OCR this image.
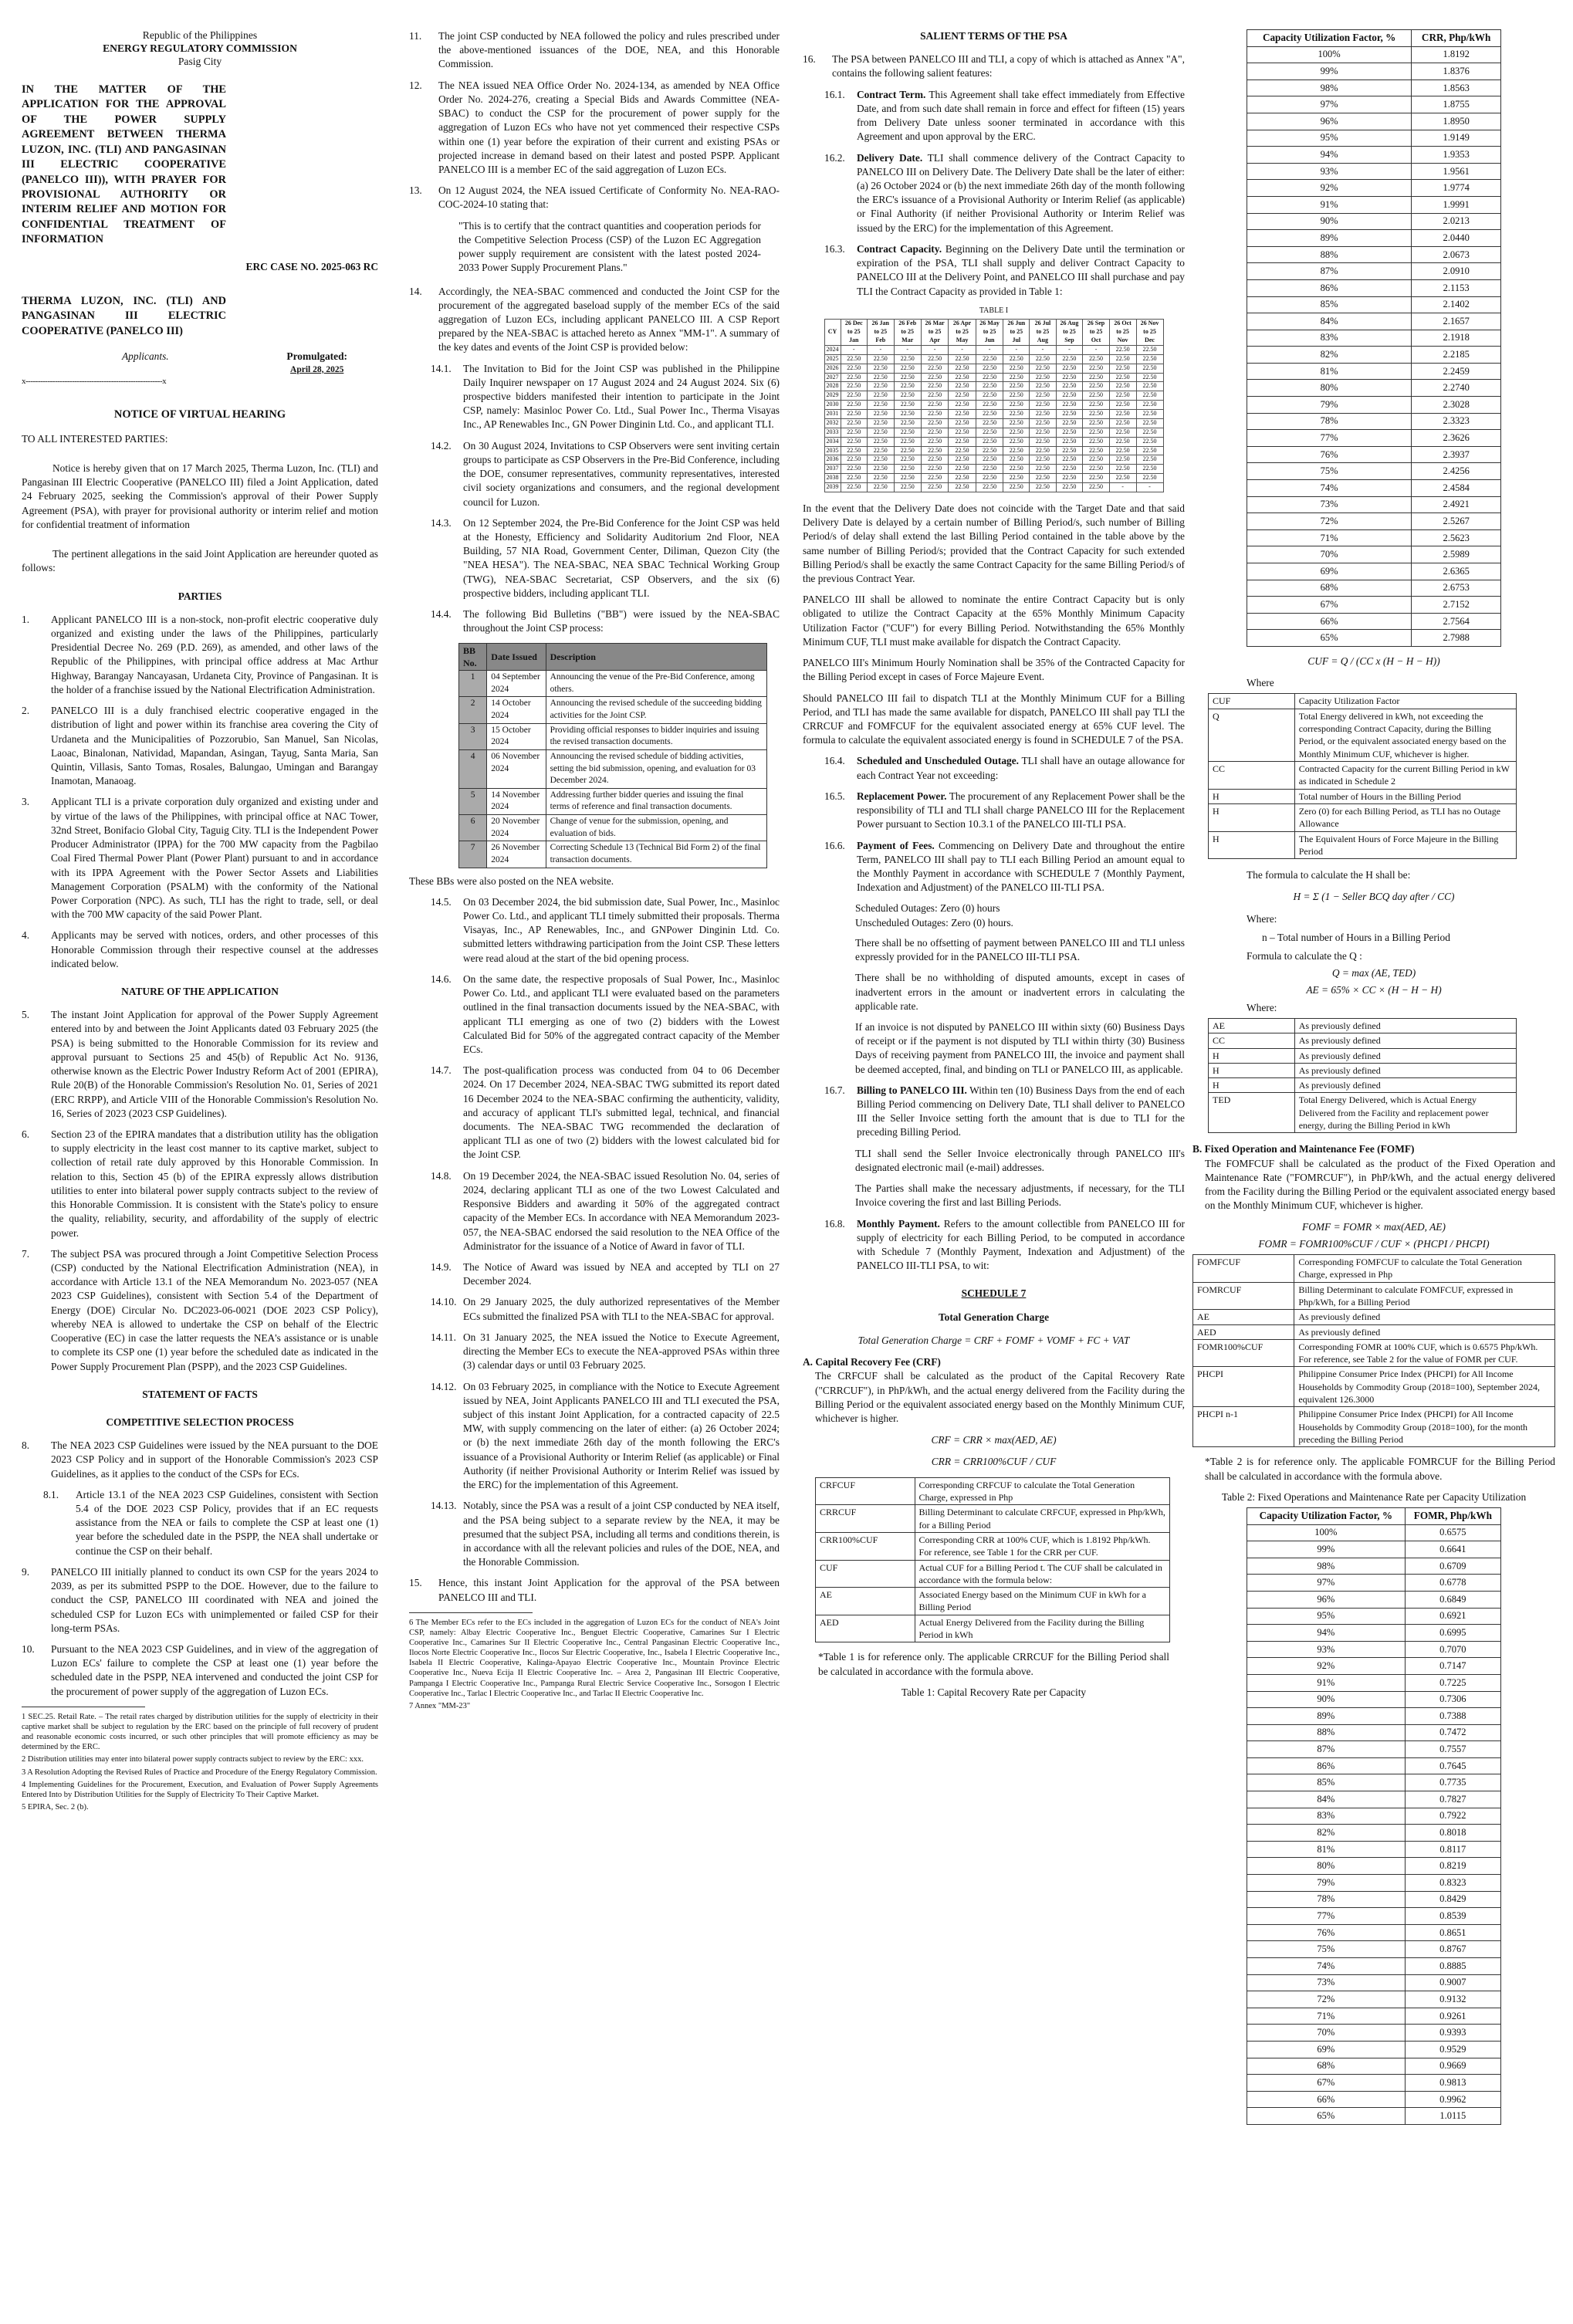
Republic of the Philippines
ENERGY REGULATORY COMMISSION
Pasig City
IN THE MATTER OF THE APPLICATION FOR THE APPROVAL OF THE POWER SUPPLY AGREEMENT BETWEEN THERMA LUZON, INC. (TLI) AND PANGASINAN III ELECTRIC COOPERATIVE (PANELCO III)), WITH PRAYER FOR PROVISIONAL AUTHORITY OR INTERIM RELIEF AND MOTION FOR CONFIDENTIAL TREATMENT OF INFORMATION
ERC CASE NO. 2025-063 RC
THERMA LUZON, INC. (TLI) AND PANGASINAN III ELECTRIC COOPERATIVE (PANELCO III)
Applicants.	Promulgated:
April 28, 2025
x--------------------------------------------------------x
NOTICE OF VIRTUAL HEARING

TO ALL INTERESTED PARTIES:

Notice is hereby given that on 17 March 2025, Therma Luzon, Inc. (TLI) and Pangasinan III Electric Cooperative (PANELCO III) filed a Joint Application, dated 24 February 2025, seeking the Commission's approval of their Power Supply Agreement (PSA), with prayer for provisional authority or interim relief and motion for confidential treatment of information

The pertinent allegations in the said Joint Application are hereunder quoted as follows:

PARTIES
1.	Applicant PANELCO III is a non-stock, non-profit electric cooperative duly organized and existing under the laws of the Philippines, particularly Presidential Decree No. 269 (P.D. 269), as amended, and other laws of the Republic of the Philippines, with principal office address at Mac Arthur Highway, Barangay Nancayasan, Urdaneta City, Province of Pangasinan. It is the holder of a franchise issued by the National Electrification Administration.
2.	PANELCO III is a duly franchised electric cooperative engaged in the distribution of light and power within its franchise area covering the City of Urdaneta and the Municipalities of Pozzorubio, San Manuel, San Nicolas, Laoac, Binalonan, Natividad, Mapandan, Asingan, Tayug, Santa Maria, San Quintin, Villasis, Santo Tomas, Rosales, Balungao, Umingan and Barangay Inamotan, Manaoag.
3.	Applicant TLI is a private corporation duly organized and existing under and by virtue of the laws of the Philippines, with principal office at NAC Tower, 32nd Street, Bonifacio Global City, Taguig City. TLI is the Independent Power Producer Administrator (IPPA) for the 700 MW capacity from the Pagbilao Coal Fired Thermal Power Plant (Power Plant) pursuant to and in accordance with its IPPA Agreement with the Power Sector Assets and Liabilities Management Corporation (PSALM) with the conformity of the National Power Corporation (NPC). As such, TLI has the right to trade, sell, or deal with the 700 MW capacity of the said Power Plant.
4.	Applicants may be served with notices, orders, and other processes of this Honorable Commission through their respective counsel at the addresses indicated below.
NATURE OF THE APPLICATION
5.	The instant Joint Application for approval of the Power Supply Agreement entered into by and between the Joint Applicants dated 03 February 2025 (the PSA) is being submitted to the Honorable Commission for its review and approval pursuant to Sections 25 and 45(b) of Republic Act No. 9136, otherwise known as the Electric Power Industry Reform Act of 2001 (EPIRA), Rule 20(B) of the Honorable Commission's Resolution No. 01, Series of 2021 (ERC RRPP), and Article VIII of the Honorable Commission's Resolution No. 16, Series of 2023 (2023 CSP Guidelines).
6.	Section 23 of the EPIRA mandates that a distribution utility has the obligation to supply electricity in the least cost manner to its captive market, subject to collection of retail rate duly approved by this Honorable Commission. In relation to this, Section 45 (b) of the EPIRA expressly allows distribution utilities to enter into bilateral power supply contracts subject to the review of this Honorable Commission. It is consistent with the State's policy to ensure the quality, reliability, security, and affordability of the supply of electric power.
7.	The subject PSA was procured through a Joint Competitive Selection Process (CSP) conducted by the National Electrification Administration (NEA), in accordance with Article 13.1 of the NEA Memorandum No. 2023-057 (NEA 2023 CSP Guidelines), consistent with Section 5.4 of the Department of Energy (DOE) Circular No. DC2023-06-0021 (DOE 2023 CSP Policy), whereby NEA is allowed to undertake the CSP on behalf of the Electric Cooperative (EC) in case the latter requests the NEA's assistance or is unable to complete its CSP one (1) year before the scheduled date as indicated in the Power Supply Procurement Plan (PSPP), and the 2023 CSP Guidelines.
STATEMENT OF FACTS
COMPETITIVE SELECTION PROCESS
8.	The NEA 2023 CSP Guidelines were issued by the NEA pursuant to the DOE 2023 CSP Policy and in support of the Honorable Commission's 2023 CSP Guidelines, as it applies to the conduct of the CSPs for ECs.
8.1.	Article 13.1 of the NEA 2023 CSP Guidelines, consistent with Section 5.4 of the DOE 2023 CSP Policy, provides that if an EC requests assistance from the NEA or fails to complete the CSP at least one (1) year before the scheduled date in the PSPP, the NEA shall undertake or continue the CSP on their behalf.
9.	PANELCO III initially planned to conduct its own CSP for the years 2024 to 2039, as per its submitted PSPP to the DOE. However, due to the failure to conduct the CSP, PANELCO III coordinated with NEA and joined the scheduled CSP for Luzon ECs with unimplemented or failed CSP for their long-term PSAs.
10.	Pursuant to the NEA 2023 CSP Guidelines, and in view of the aggregation of Luzon ECs' failure to complete the CSP at least one (1) year before the scheduled date in the PSPP, NEA intervened and conducted the joint CSP for the procurement of power supply of the aggregation of Luzon ECs.

1 SEC.25. Retail Rate. – The retail rates charged by distribution utilities for the supply of electricity in their captive market shall be subject to regulation by the ERC based on the principle of full recovery of prudent and reasonable economic costs incurred, or such other principles that will promote efficiency as may be determined by the ERC.

2 Distribution utilities may enter into bilateral power supply contracts subject to review by the ERC: xxx.

3 A Resolution Adopting the Revised Rules of Practice and Procedure of the Energy Regulatory Commission.

4 Implementing Guidelines for the Procurement, Execution, and Evaluation of Power Supply Agreements Entered Into by Distribution Utilities for the Supply of Electricity To Their Captive Market.

5 EPIRA, Sec. 2 (b).

11.	The joint CSP conducted by NEA followed the policy and rules prescribed under the above-mentioned issuances of the DOE, NEA, and this Honorable Commission.
12.	The NEA issued NEA Office Order No. 2024-134, as amended by NEA Office Order No. 2024-276, creating a Special Bids and Awards Committee (NEA-SBAC) to conduct the CSP for the procurement of power supply for the aggregation of Luzon ECs who have not yet commenced their respective CSPs within one (1) year before the expiration of their current and existing PSAs or projected increase in demand based on their latest and posted PSPP. Applicant PANELCO III is a member EC of the said aggregation of Luzon ECs.
13.	On 12 August 2024, the NEA issued Certificate of Conformity No. NEA-RAO-COC-2024-10 stating that:

"This is to certify that the contract quantities and cooperation periods for the Competitive Selection Process (CSP) of the Luzon EC Aggregation power supply requirement are consistent with the latest posted 2024-2033 Power Supply Procurement Plans."

14.	Accordingly, the NEA-SBAC commenced and conducted the Joint CSP for the procurement of the aggregated baseload supply of the member ECs of the said aggregation of Luzon ECs, including applicant PANELCO III. A CSP Report prepared by the NEA-SBAC is attached hereto as Annex "MM-1". A summary of the key dates and events of the Joint CSP is provided below:
14.1.	The Invitation to Bid for the Joint CSP was published in the Philippine Daily Inquirer newspaper on 17 August 2024 and 24 August 2024. Six (6) prospective bidders manifested their intention to participate in the Joint CSP, namely: Masinloc Power Co. Ltd., Sual Power Inc., Therma Visayas Inc., AP Renewables Inc., GN Power Dinginin Ltd. Co., and applicant TLI.
14.2.	On 30 August 2024, Invitations to CSP Observers were sent inviting certain groups to participate as CSP Observers in the Pre-Bid Conference, including the DOE, consumer representatives, community representatives, interested civil society organizations and consumers, and the regional development council for Luzon.
14.3.	On 12 September 2024, the Pre-Bid Conference for the Joint CSP was held at the Honesty, Efficiency and Solidarity Auditorium 2nd Floor, NEA Building, 57 NIA Road, Government Center, Diliman, Quezon City (the "NEA HESA"). The NEA-SBAC, NEA SBAC Technical Working Group (TWG), NEA-SBAC Secretariat, CSP Observers, and the six (6) prospective bidders, including applicant TLI.
14.4.	The following Bid Bulletins ("BB") were issued by the NEA-SBAC throughout the Joint CSP process:
BB No.	Date Issued	Description
1	04 September 2024	Announcing the venue of the Pre-Bid Conference, among others.
2	14 October 2024	Announcing the revised schedule of the succeeding bidding activities for the Joint CSP.
3	15 October 2024	Providing official responses to bidder inquiries and issuing the revised transaction documents.
4	06 November 2024	Announcing the revised schedule of bidding activities, setting the bid submission, opening, and evaluation for 03 December 2024.
5	14 November 2024	Addressing further bidder queries and issuing the final terms of reference and final transaction documents.
6	20 November 2024	Change of venue for the submission, opening, and evaluation of bids.
7	26 November 2024	Correcting Schedule 13 (Technical Bid Form 2) of the final transaction documents.

These BBs were also posted on the NEA website.

14.5.	On 03 December 2024, the bid submission date, Sual Power, Inc., Masinloc Power Co. Ltd., and applicant TLI timely submitted their proposals. Therma Visayas, Inc., AP Renewables, Inc., and GNPower Dinginin Ltd. Co. submitted letters withdrawing participation from the Joint CSP. These letters were read aloud at the start of the bid opening process.
14.6.	On the same date, the respective proposals of Sual Power, Inc., Masinloc Power Co. Ltd., and applicant TLI were evaluated based on the parameters outlined in the final transaction documents issued by the NEA-SBAC, with applicant TLI emerging as one of two (2) bidders with the Lowest Calculated Bid for 50% of the aggregated contract capacity of the Member ECs.
14.7.	The post-qualification process was conducted from 04 to 06 December 2024. On 17 December 2024, NEA-SBAC TWG submitted its report dated 16 December 2024 to the NEA-SBAC confirming the authenticity, validity, and accuracy of applicant TLI's submitted legal, technical, and financial documents. The NEA-SBAC TWG recommended the declaration of applicant TLI as one of two (2) bidders with the lowest calculated bid for the Joint CSP.
14.8.	On 19 December 2024, the NEA-SBAC issued Resolution No. 04, series of 2024, declaring applicant TLI as one of the two Lowest Calculated and Responsive Bidders and awarding it 50% of the aggregated contract capacity of the Member ECs. In accordance with NEA Memorandum 2023-057, the NEA-SBAC endorsed the said resolution to the NEA Office of the Administrator for the issuance of a Notice of Award in favor of TLI.
14.9.	The Notice of Award was issued by NEA and accepted by TLI on 27 December 2024.
14.10. On 29 January 2025, the duly authorized representatives of the Member ECs submitted the finalized PSA with TLI to the NEA-SBAC for approval.
14.11. On 31 January 2025, the NEA issued the Notice to Execute Agreement, directing the Member ECs to execute the NEA-approved PSAs within three (3) calendar days or until 03 February 2025.
14.12. On 03 February 2025, in compliance with the Notice to Execute Agreement issued by NEA, Joint Applicants PANELCO III and TLI executed the PSA, subject of this instant Joint Application, for a contracted capacity of 22.5 MW, with supply commencing on the later of either: (a) 26 October 2024; or (b) the next immediate 26th day of the month following the ERC's issuance of a Provisional Authority or Interim Relief (as applicable) or Final Authority (if neither Provisional Authority or Interim Relief was issued by the ERC) for the implementation of this Agreement.
14.13. Notably, since the PSA was a result of a joint CSP conducted by NEA itself, and the PSA being subject to a separate review by the NEA, it may be presumed that the subject PSA, including all terms and conditions therein, is in accordance with all the relevant policies and rules of the DOE, NEA, and the Honorable Commission.
15.	Hence, this instant Joint Application for the approval of the PSA between PANELCO III and TLI.

6 The Member ECs refer to the ECs included in the aggregation of Luzon ECs for the conduct of NEA's Joint CSP, namely: Albay Electric Cooperative Inc., Benguet Electric Cooperative, Camarines Sur I Electric Cooperative Inc., Camarines Sur II Electric Cooperative Inc., Central Pangasinan Electric Cooperative Inc., Ilocos Norte Electric Cooperative Inc., Ilocos Sur Electric Cooperative, Inc., Isabela I Electric Cooperative Inc., Isabela II Electric Cooperative, Kalinga-Apayao Electric Cooperative Inc., Mountain Province Electric Cooperative Inc., Nueva Ecija II Electric Cooperative Inc. – Area 2, Pangasinan III Electric Cooperative, Pampanga I Electric Cooperative Inc., Pampanga Rural Electric Service Cooperative Inc., Sorsogon I Electric Cooperative Inc., Tarlac I Electric Cooperative Inc., and Tarlac II Electric Cooperative Inc.

7 Annex "MM-23"

SALIENT TERMS OF THE PSA
16.	The PSA between PANELCO III and TLI, a copy of which is attached as Annex "A", contains the following salient features:
16.1.	Contract Term. This Agreement shall take effect immediately from Effective Date, and from such date shall remain in force and effect for fifteen (15) years from Delivery Date unless sooner terminated in accordance with this Agreement and upon approval by the ERC.
16.2.	Delivery Date. TLI shall commence delivery of the Contract Capacity to PANELCO III on Delivery Date. The Delivery Date shall be the later of either: (a) 26 October 2024 or (b) the next immediate 26th day of the month following the ERC's issuance of a Provisional Authority or Interim Relief (as applicable) or Final Authority (if neither Provisional Authority or Interim Relief was issued by the ERC) for the implementation of this Agreement.
16.3.	Contract Capacity. Beginning on the Delivery Date until the termination or expiration of the PSA, TLI shall supply and deliver Contract Capacity to PANELCO III at the Delivery Point, and PANELCO III shall purchase and pay TLI the Contract Capacity as provided in Table 1:
TABLE I
CY	26 Dec to 25 Jan	26 Jan to 25 Feb	26 Feb to 25 Mar	26 Mar to 25 Apr	26 Apr to 25 May	26 May to 25 Jun	26 Jun to 25 Jul	26 Jul to 25 Aug	26 Aug to 25 Sep	26 Sep to 25 Oct	26 Oct to 25 Nov	26 Nov to 25 Dec
2024	-	-	-	-	-	-	-	-	-	-	22.50	22.50
2025	22.50	22.50	22.50	22.50	22.50	22.50	22.50	22.50	22.50	22.50	22.50	22.50
2026	22.50	22.50	22.50	22.50	22.50	22.50	22.50	22.50	22.50	22.50	22.50	22.50
2027	22.50	22.50	22.50	22.50	22.50	22.50	22.50	22.50	22.50	22.50	22.50	22.50
2028	22.50	22.50	22.50	22.50	22.50	22.50	22.50	22.50	22.50	22.50	22.50	22.50
2029	22.50	22.50	22.50	22.50	22.50	22.50	22.50	22.50	22.50	22.50	22.50	22.50
2030	22.50	22.50	22.50	22.50	22.50	22.50	22.50	22.50	22.50	22.50	22.50	22.50
2031	22.50	22.50	22.50	22.50	22.50	22.50	22.50	22.50	22.50	22.50	22.50	22.50
2032	22.50	22.50	22.50	22.50	22.50	22.50	22.50	22.50	22.50	22.50	22.50	22.50
2033	22.50	22.50	22.50	22.50	22.50	22.50	22.50	22.50	22.50	22.50	22.50	22.50
2034	22.50	22.50	22.50	22.50	22.50	22.50	22.50	22.50	22.50	22.50	22.50	22.50
2035	22.50	22.50	22.50	22.50	22.50	22.50	22.50	22.50	22.50	22.50	22.50	22.50
2036	22.50	22.50	22.50	22.50	22.50	22.50	22.50	22.50	22.50	22.50	22.50	22.50
2037	22.50	22.50	22.50	22.50	22.50	22.50	22.50	22.50	22.50	22.50	22.50	22.50
2038	22.50	22.50	22.50	22.50	22.50	22.50	22.50	22.50	22.50	22.50	22.50	22.50
2039	22.50	22.50	22.50	22.50	22.50	22.50	22.50	22.50	22.50	22.50	-	-

In the event that the Delivery Date does not coincide with the Target Date and that said Delivery Date is delayed by a certain number of Billing Period/s, such number of Billing Period/s of delay shall extend the last Billing Period contained in the table above by the same number of Billing Period/s; provided that the Contract Capacity for such extended Billing Period/s shall be exactly the same Contract Capacity for the same Billing Period/s of the previous Contract Year.

PANELCO III shall be allowed to nominate the entire Contract Capacity but is only obligated to utilize the Contract Capacity at the 65% Monthly Minimum Capacity Utilization Factor ("CUF") for every Billing Period. Notwithstanding the 65% Monthly Minimum CUF, TLI must make available for dispatch the Contract Capacity.

PANELCO III's Minimum Hourly Nomination shall be 35% of the Contracted Capacity for the Billing Period except in cases of Force Majeure Event.

Should PANELCO III fail to dispatch TLI at the Monthly Minimum CUF for a Billing Period, and TLI has made the same available for dispatch, PANELCO III shall pay TLI the CRRCUF and FOMFCUF for the equivalent associated energy at 65% CUF level. The formula to calculate the equivalent associated energy is found in SCHEDULE 7 of the PSA.

16.4.	Scheduled and Unscheduled Outage. TLI shall have an outage allowance for each Contract Year not exceeding:
16.5.	Replacement Power. The procurement of any Replacement Power shall be the responsibility of TLI and TLI shall charge PANELCO III for the Replacement Power pursuant to Section 10.3.1 of the PANELCO III-TLI PSA.
16.6.	Payment of Fees. Commencing on Delivery Date and throughout the entire Term, PANELCO III shall pay to TLI each Billing Period an amount equal to the Monthly Payment in accordance with SCHEDULE 7 (Monthly Payment, Indexation and Adjustment) of the PANELCO III-TLI PSA.
Scheduled Outages: Zero (0) hours
Unscheduled Outages: Zero (0) hours.

There shall be no offsetting of payment between PANELCO III and TLI unless expressly provided for in the PANELCO III-TLI PSA.

There shall be no withholding of disputed amounts, except in cases of inadvertent errors in the amount or inadvertent errors in calculating the applicable rate.

If an invoice is not disputed by PANELCO III within sixty (60) Business Days of receipt or if the payment is not disputed by TLI within thirty (30) Business Days of receiving payment from PANELCO III, the invoice and payment shall be deemed accepted, final, and binding on TLI or PANELCO III, as applicable.

16.7.	Billing to PANELCO III. Within ten (10) Business Days from the end of each Billing Period commencing on Delivery Date, TLI shall deliver to PANELCO III the Seller Invoice setting forth the amount that is due to TLI for the preceding Billing Period.

TLI shall send the Seller Invoice electronically through PANELCO III's designated electronic mail (e-mail) addresses.

The Parties shall make the necessary adjustments, if necessary, for the TLI Invoice covering the first and last Billing Periods.

16.8.	Monthly Payment. Refers to the amount collectible from PANELCO III for supply of electricity for each Billing Period, to be computed in accordance with Schedule 7 (Monthly Payment, Indexation and Adjustment) of the PANELCO III-TLI PSA, to wit:
SCHEDULE 7
Total Generation Charge
Total Generation Charge = CRF + FOMF + VOMF + FC + VAT
A. Capital Recovery Fee (CRF)

The CRFCUF shall be calculated as the product of the Capital Recovery Rate ("CRRCUF"), in PhP/kWh, and the actual energy delivered from the Facility during the Billing Period or the equivalent associated energy based on the Monthly Minimum CUF, whichever is higher.

CRF = CRR × max(AED, AE)
CRR = CRR100%CUF / CUF
CRFCUF	Corresponding CRFCUF to calculate the Total Generation Charge, expressed in Php
CRRCUF	Billing Determinant to calculate CRFCUF, expressed in Php/kWh, for a Billing Period
CRR100%CUF	Corresponding CRR at 100% CUF, which is 1.8192 Php/kWh. For reference, see Table 1 for the CRR per CUF.
CUF	Actual CUF for a Billing Period t. The CUF shall be calculated in accordance with the formula below:
AE	Associated Energy based on the Minimum CUF in kWh for a Billing Period
AED	Actual Energy Delivered from the Facility during the Billing Period in kWh

*Table 1 is for reference only. The applicable CRRCUF for the Billing Period shall be calculated in accordance with the formula above.

Table 1: Capital Recovery Rate per Capacity
Capacity Utilization Factor, %	CRR, Php/kWh
100%	1.8192
99%	1.8376
98%	1.8563
97%	1.8755
96%	1.8950
95%	1.9149
94%	1.9353
93%	1.9561
92%	1.9774
91%	1.9991
90%	2.0213
89%	2.0440
88%	2.0673
87%	2.0910
86%	2.1153
85%	2.1402
84%	2.1657
83%	2.1918
82%	2.2185
81%	2.2459
80%	2.2740
79%	2.3028
78%	2.3323
77%	2.3626
76%	2.3937
75%	2.4256
74%	2.4584
73%	2.4921
72%	2.5267
71%	2.5623
70%	2.5989
69%	2.6365
68%	2.6753
67%	2.7152
66%	2.7564
65%	2.7988
CUF = Q / (CC x (H − H − H))
Where
CUF	Capacity Utilization Factor
Q	Total Energy delivered in kWh, not exceeding the corresponding Contract Capacity, during the Billing Period, or the equivalent associated energy based on the Monthly Minimum CUF, whichever is higher.
CC	Contracted Capacity for the current Billing Period in kW as indicated in Schedule 2
H	Total number of Hours in the Billing Period
H	Zero (0) for each Billing Period, as TLI has no Outage Allowance
H	The Equivalent Hours of Force Majeure in the Billing Period
The formula to calculate the H shall be:
H = Σ (1 − Seller BCQ day after / CC)
Where:
n – Total number of Hours in a Billing Period
Formula to calculate the Q :
Q = max (AE, TED)
AE = 65% × CC × (H − H − H)
Where:
AE	As previously defined
CC	As previously defined
H	As previously defined
H	As previously defined
H	As previously defined
TED	Total Energy Delivered, which is Actual Energy Delivered from the Facility and replacement power energy, during the Billing Period in kWh
B. Fixed Operation and Maintenance Fee (FOMF)

The FOMFCUF shall be calculated as the product of the Fixed Operation and Maintenance Rate ("FOMRCUF"), in PhP/kWh, and the actual energy delivered from the Facility during the Billing Period or the equivalent associated energy based on the Monthly Minimum CUF, whichever is higher.

FOMF = FOMR × max(AED, AE)
FOMR = FOMR100%CUF / CUF × (PHCPI / PHCPI)
FOMFCUF	Corresponding FOMFCUF to calculate the Total Generation Charge, expressed in Php
FOMRCUF	Billing Determinant to calculate FOMFCUF, expressed in Php/kWh, for a Billing Period
AE	As previously defined
AED	As previously defined
FOMR100%CUF	Corresponding FOMR at 100% CUF, which is 0.6575 Php/kWh. For reference, see Table 2 for the value of FOMR per CUF.
PHCPI	Philippine Consumer Price Index (PHCPI) for All Income Households by Commodity Group (2018=100), September 2024, equivalent 126.3000
PHCPI n-1	Philippine Consumer Price Index (PHCPI) for All Income Households by Commodity Group (2018=100), for the month preceding the Billing Period

*Table 2 is for reference only. The applicable FOMRCUF for the Billing Period shall be calculated in accordance with the formula above.

Table 2: Fixed Operations and Maintenance Rate per Capacity Utilization
Capacity Utilization Factor, %	FOMR, Php/kWh
100%	0.6575
99%	0.6641
98%	0.6709
97%	0.6778
96%	0.6849
95%	0.6921
94%	0.6995
93%	0.7070
92%	0.7147
91%	0.7225
90%	0.7306
89%	0.7388
88%	0.7472
87%	0.7557
86%	0.7645
85%	0.7735
84%	0.7827
83%	0.7922
82%	0.8018
81%	0.8117
80%	0.8219
79%	0.8323
78%	0.8429
77%	0.8539
76%	0.8651
75%	0.8767
74%	0.8885
73%	0.9007
72%	0.9132
71%	0.9261
70%	0.9393
69%	0.9529
68%	0.9669
67%	0.9813
66%	0.9962
65%	1.0115
